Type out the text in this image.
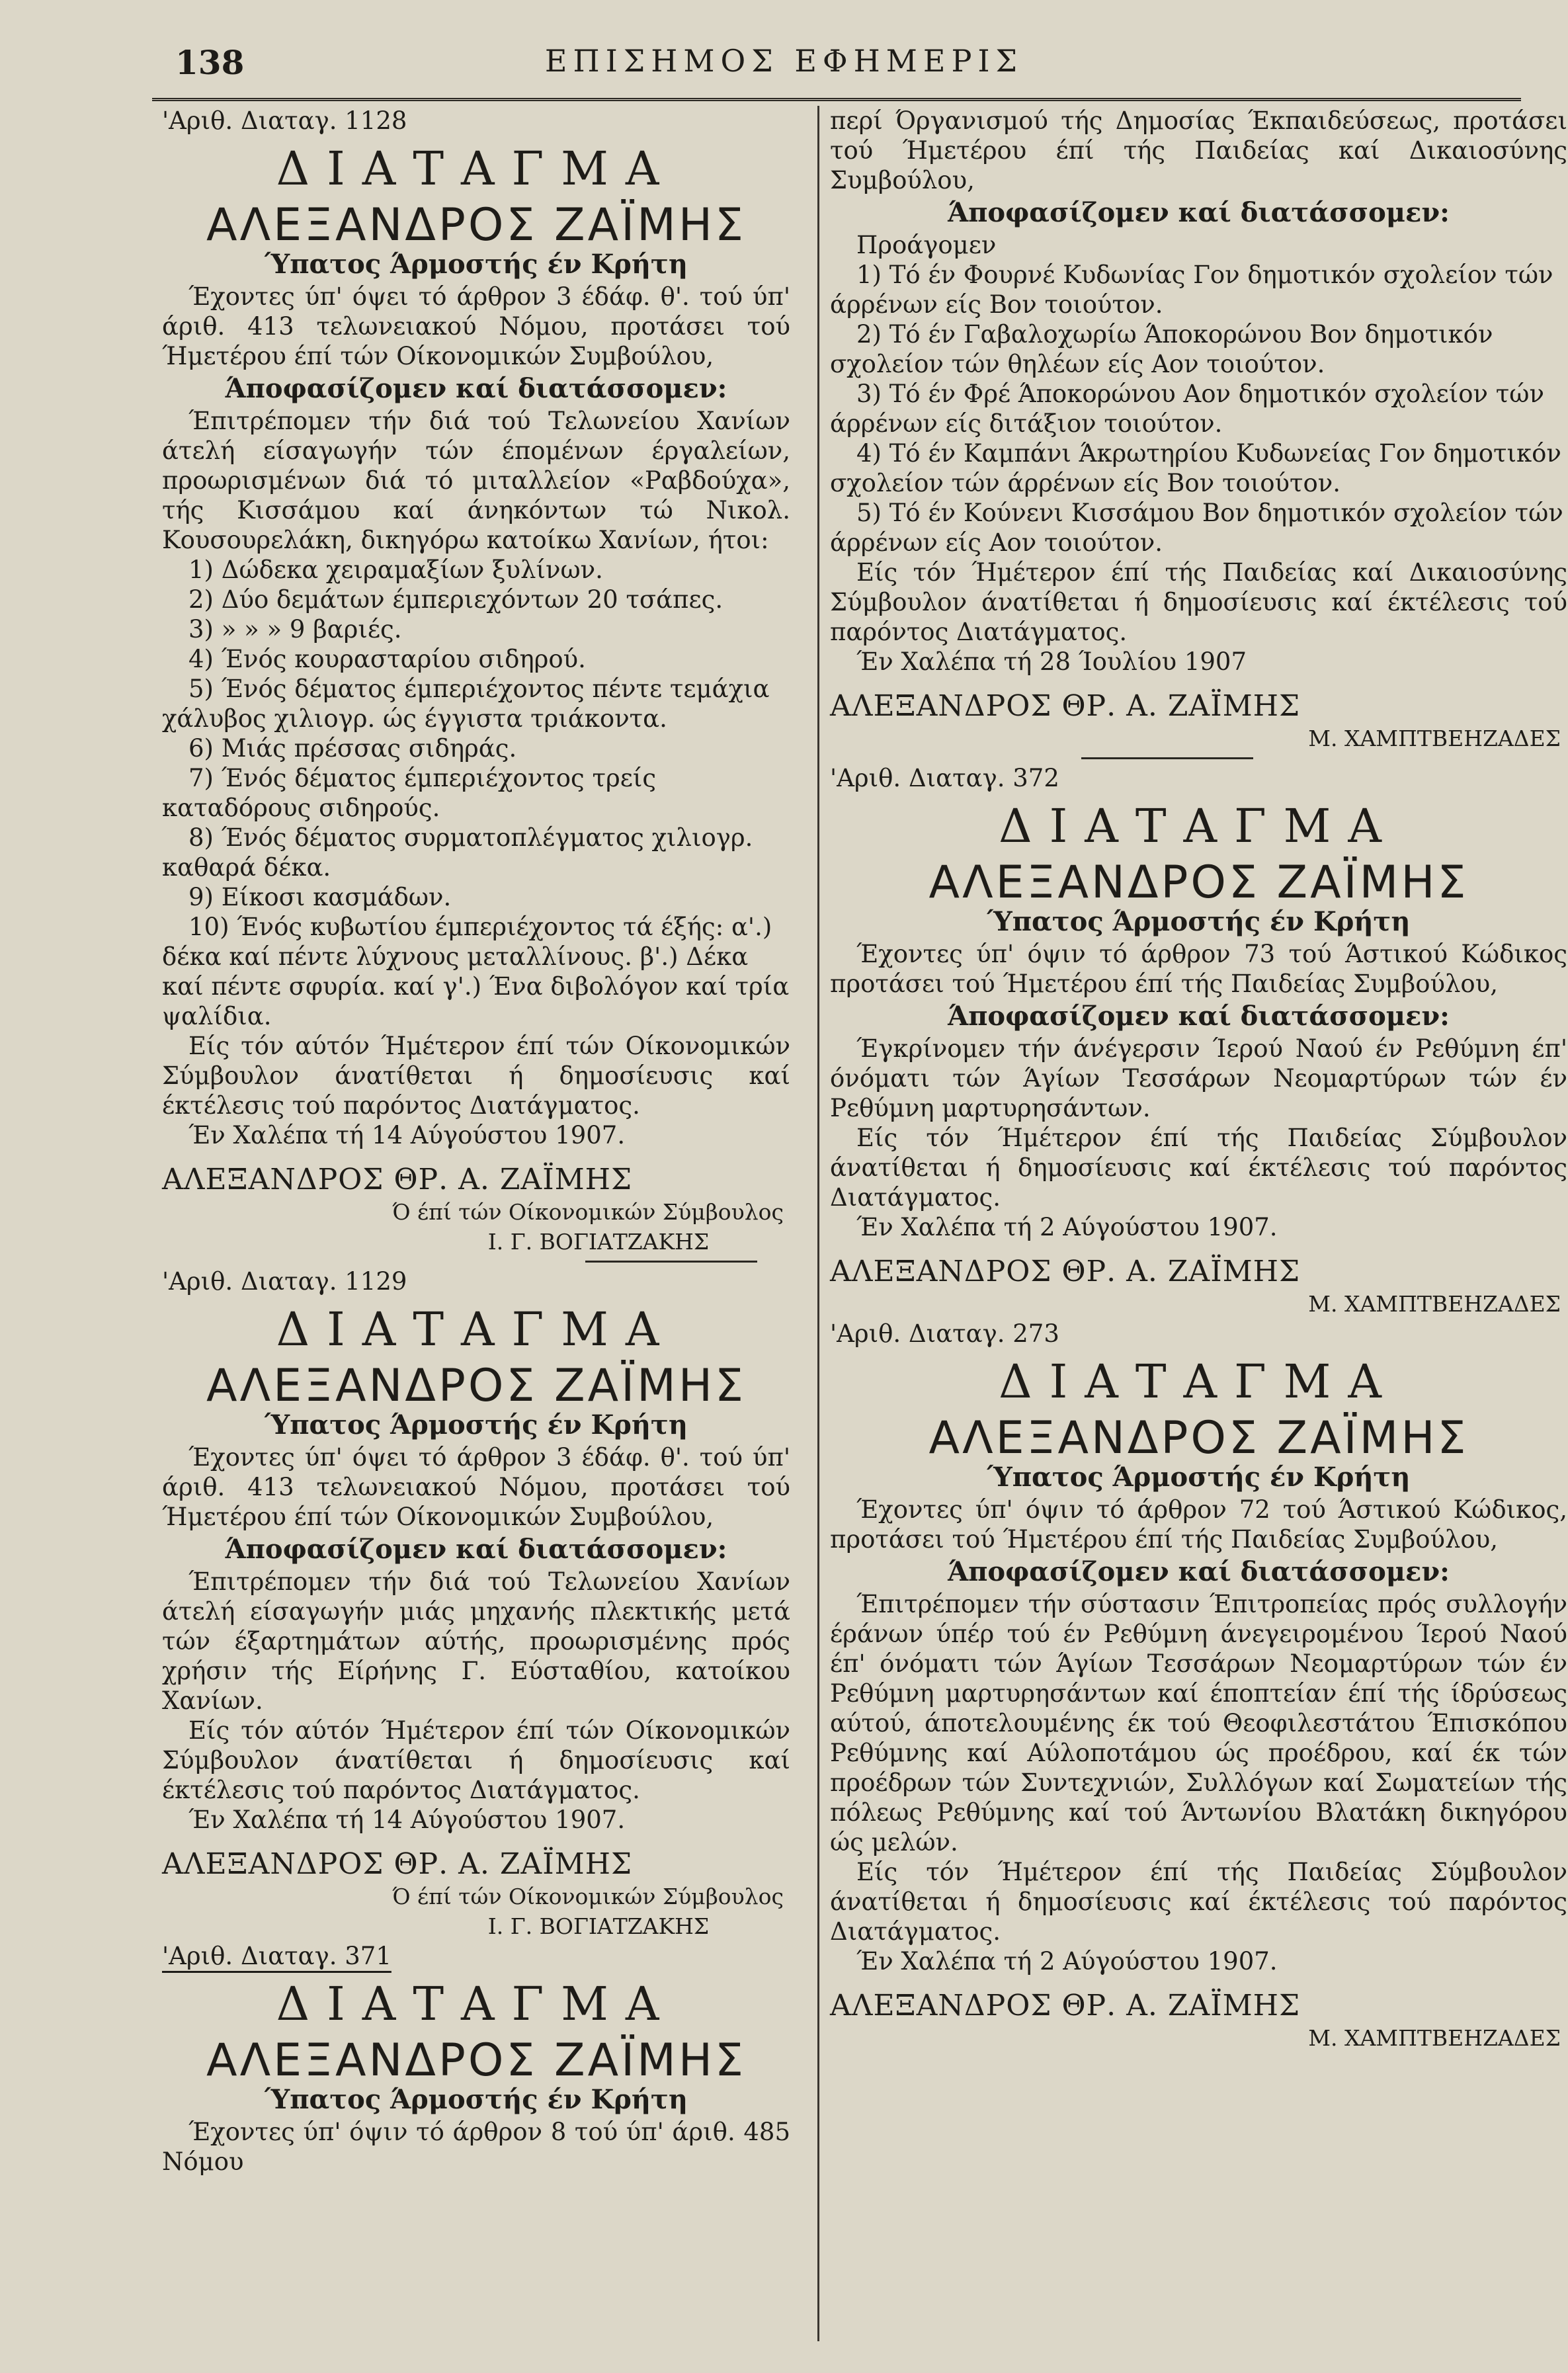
138	ΕΠΙΣΗΜΟΣ ΕΦΗΜΕΡΙΣ

'Αριθ. Διαταγ. 1128

ΔΙΑΤΑΓΜΑ

ΑΛΕΞΑΝΔΡΟΣ ΖΑΪΜΗΣ

Ύπατος Άρμοστής έν Κρήτη

Έχοντες ύπ' όψει τό άρθρον 3 έδάφ. θ'. τού ύπ' άριθ. 413 τελωνειακού Νόμου, προτάσει τού Ήμετέρου έπί τών Οίκονομικών Συμβούλου,

Άποφασίζομεν καί διατάσσομεν:

Έπιτρέπομεν τήν διά τού Τελωνείου Χανίων άτελή είσαγωγήν τών έπομένων έργαλείων, προωρισμένων διά τό μιταλλείον «Ραβδούχα», τής Κισσάμου καί άνηκόντων τώ Νικολ. Κουσουρελάκη, δικηγόρω κατοίκω Χανίων, ήτοι:

1) Δώδεκα χειραμαξίων ξυλίνων.
2) Δύο δεμάτων έμπεριεχόντων 20 τσάπες.
3) » » » 9 βαριές.
4) Ένός κουρασταρίου σιδηρού.
5) Ένός δέματος έμπεριέχοντος πέντε τεμάχια χάλυβος χιλιογρ. ώς έγγιστα τριάκοντα.
6) Μιάς πρέσσας σιδηράς.
7) Ένός δέματος έμπεριέχοντος τρείς καταδόρους σιδηρούς.
8) Ένός δέματος συρματοπλέγματος χιλιογρ. καθαρά δέκα.
9) Είκοσι κασμάδων.
10) Ένός κυβωτίου έμπεριέχοντος τά έξής: α'.) δέκα καί πέντε λύχνους μεταλλίνους. β'.) Δέκα καί πέντε σφυρία. καί γ'.) Ένα διβολόγον καί τρία ψαλίδια.

Είς τόν αύτόν Ήμέτερον έπί τών Οίκονομικών Σύμβουλον άνατίθεται ή δημοσίευσις καί έκτέλεσις τού παρόντος Διατάγματος.

Έν Χαλέπα τή 14 Αύγούστου 1907.

ΑΛΕΞΑΝΔΡΟΣ ΘΡ. Α. ΖΑΪΜΗΣ

Ό έπί τών Οίκονομικών Σύμβουλος

Ι. Γ. ΒΟΓΙΑΤΖΑΚΗΣ

'Αριθ. Διαταγ. 1129

ΔΙΑΤΑΓΜΑ

ΑΛΕΞΑΝΔΡΟΣ ΖΑΪΜΗΣ

Ύπατος Άρμοστής έν Κρήτη

Έχοντες ύπ' όψει τό άρθρον 3 έδάφ. θ'. τού ύπ' άριθ. 413 τελωνειακού Νόμου, προτάσει τού Ήμετέρου έπί τών Οίκονομικών Συμβούλου,

Άποφασίζομεν καί διατάσσομεν:

Έπιτρέπομεν τήν διά τού Τελωνείου Χανίων άτελή είσαγωγήν μιάς μηχανής πλεκτικής μετά τών έξαρτημάτων αύτής, προωρισμένης πρός χρήσιν τής Είρήνης Γ. Εύσταθίου, κατοίκου Χανίων.

Είς τόν αύτόν Ήμέτερον έπί τών Οίκονομικών Σύμβουλον άνατίθεται ή δημοσίευσις καί έκτέλεσις τού παρόντος Διατάγματος.

Έν Χαλέπα τή 14 Αύγούστου 1907.

ΑΛΕΞΑΝΔΡΟΣ ΘΡ. Α. ΖΑΪΜΗΣ

Ό έπί τών Οίκονομικών Σύμβουλος

Ι. Γ. ΒΟΓΙΑΤΖΑΚΗΣ

'Αριθ. Διαταγ. 371

ΔΙΑΤΑΓΜΑ

ΑΛΕΞΑΝΔΡΟΣ ΖΑΪΜΗΣ

Ύπατος Άρμοστής έν Κρήτη

Έχοντες ύπ' όψιν τό άρθρον 8 τού ύπ' άριθ. 485 Νόμου

περί Όργανισμού τής Δημοσίας Έκπαιδεύσεως, προτάσει τού Ήμετέρου έπί τής Παιδείας καί Δικαιοσύνης Συμβούλου,

Άποφασίζομεν καί διατάσσομεν:

Προάγομεν

1) Τό έν Φουρνέ Κυδωνίας Γον δημοτικόν σχολείον τών άρρένων είς Βον τοιούτον.
2) Τό έν Γαβαλοχωρίω Άποκορώνου Βον δημοτικόν σχολείον τών θηλέων είς Αον τοιούτον.
3) Τό έν Φρέ Άποκορώνου Αον δημοτικόν σχολείον τών άρρένων είς διτάξιον τοιούτον.
4) Τό έν Καμπάνι Άκρωτηρίου Κυδωνείας Γον δημοτικόν σχολείον τών άρρένων είς Βον τοιούτον.
5) Τό έν Κούνενι Κισσάμου Βον δημοτικόν σχολείον τών άρρένων είς Αον τοιούτον.

Είς τόν Ήμέτερον έπί τής Παιδείας καί Δικαιοσύνης Σύμβουλον άνατίθεται ή δημοσίευσις καί έκτέλεσις τού παρόντος Διατάγματος.

Έν Χαλέπα τή 28 Ίουλίου 1907

ΑΛΕΞΑΝΔΡΟΣ ΘΡ. Α. ΖΑΪΜΗΣ

Μ. ΧΑΜΠΤΒΕΗΖΑΔΕΣ

'Αριθ. Διαταγ. 372

ΔΙΑΤΑΓΜΑ

ΑΛΕΞΑΝΔΡΟΣ ΖΑΪΜΗΣ

Ύπατος Άρμοστής έν Κρήτη

Έχοντες ύπ' όψιν τό άρθρον 73 τού Άστικού Κώδικος προτάσει τού Ήμετέρου έπί τής Παιδείας Συμβούλου,

Άποφασίζομεν καί διατάσσομεν:

Έγκρίνομεν τήν άνέγερσιν Ίερού Ναού έν Ρεθύμνη έπ' όνόματι τών Άγίων Τεσσάρων Νεομαρτύρων τών έν Ρεθύμνη μαρτυρησάντων.

Είς τόν Ήμέτερον έπί τής Παιδείας Σύμβουλον άνατίθεται ή δημοσίευσις καί έκτέλεσις τού παρόντος Διατάγματος.

Έν Χαλέπα τή 2 Αύγούστου 1907.

ΑΛΕΞΑΝΔΡΟΣ ΘΡ. Α. ΖΑΪΜΗΣ

Μ. ΧΑΜΠΤΒΕΗΖΑΔΕΣ

'Αριθ. Διαταγ. 273

ΔΙΑΤΑΓΜΑ

ΑΛΕΞΑΝΔΡΟΣ ΖΑΪΜΗΣ

Ύπατος Άρμοστής έν Κρήτη

Έχοντες ύπ' όψιν τό άρθρον 72 τού Άστικού Κώδικος, προτάσει τού Ήμετέρου έπί τής Παιδείας Συμβούλου,

Άποφασίζομεν καί διατάσσομεν:

Έπιτρέπομεν τήν σύστασιν Έπιτροπείας πρός συλλογήν έράνων ύπέρ τού έν Ρεθύμνη άνεγειρομένου Ίερού Ναού έπ' όνόματι τών Άγίων Τεσσάρων Νεομαρτύρων τών έν Ρεθύμνη μαρτυρησάντων καί έποπτείαν έπί τής ίδρύσεως αύτού, άποτελουμένης έκ τού Θεοφιλεστάτου Έπισκόπου Ρεθύμνης καί Αύλοποτάμου ώς προέδρου, καί έκ τών προέδρων τών Συντεχνιών, Συλλόγων καί Σωματείων τής πόλεως Ρεθύμνης καί τού Άντωνίου Βλατάκη δικηγόρου ώς μελών.

Είς τόν Ήμέτερον έπί τής Παιδείας Σύμβουλον άνατίθεται ή δημοσίευσις καί έκτέλεσις τού παρόντος Διατάγματος.

Έν Χαλέπα τή 2 Αύγούστου 1907.

ΑΛΕΞΑΝΔΡΟΣ ΘΡ. Α. ΖΑΪΜΗΣ

Μ. ΧΑΜΠΤΒΕΗΖΑΔΕΣ
